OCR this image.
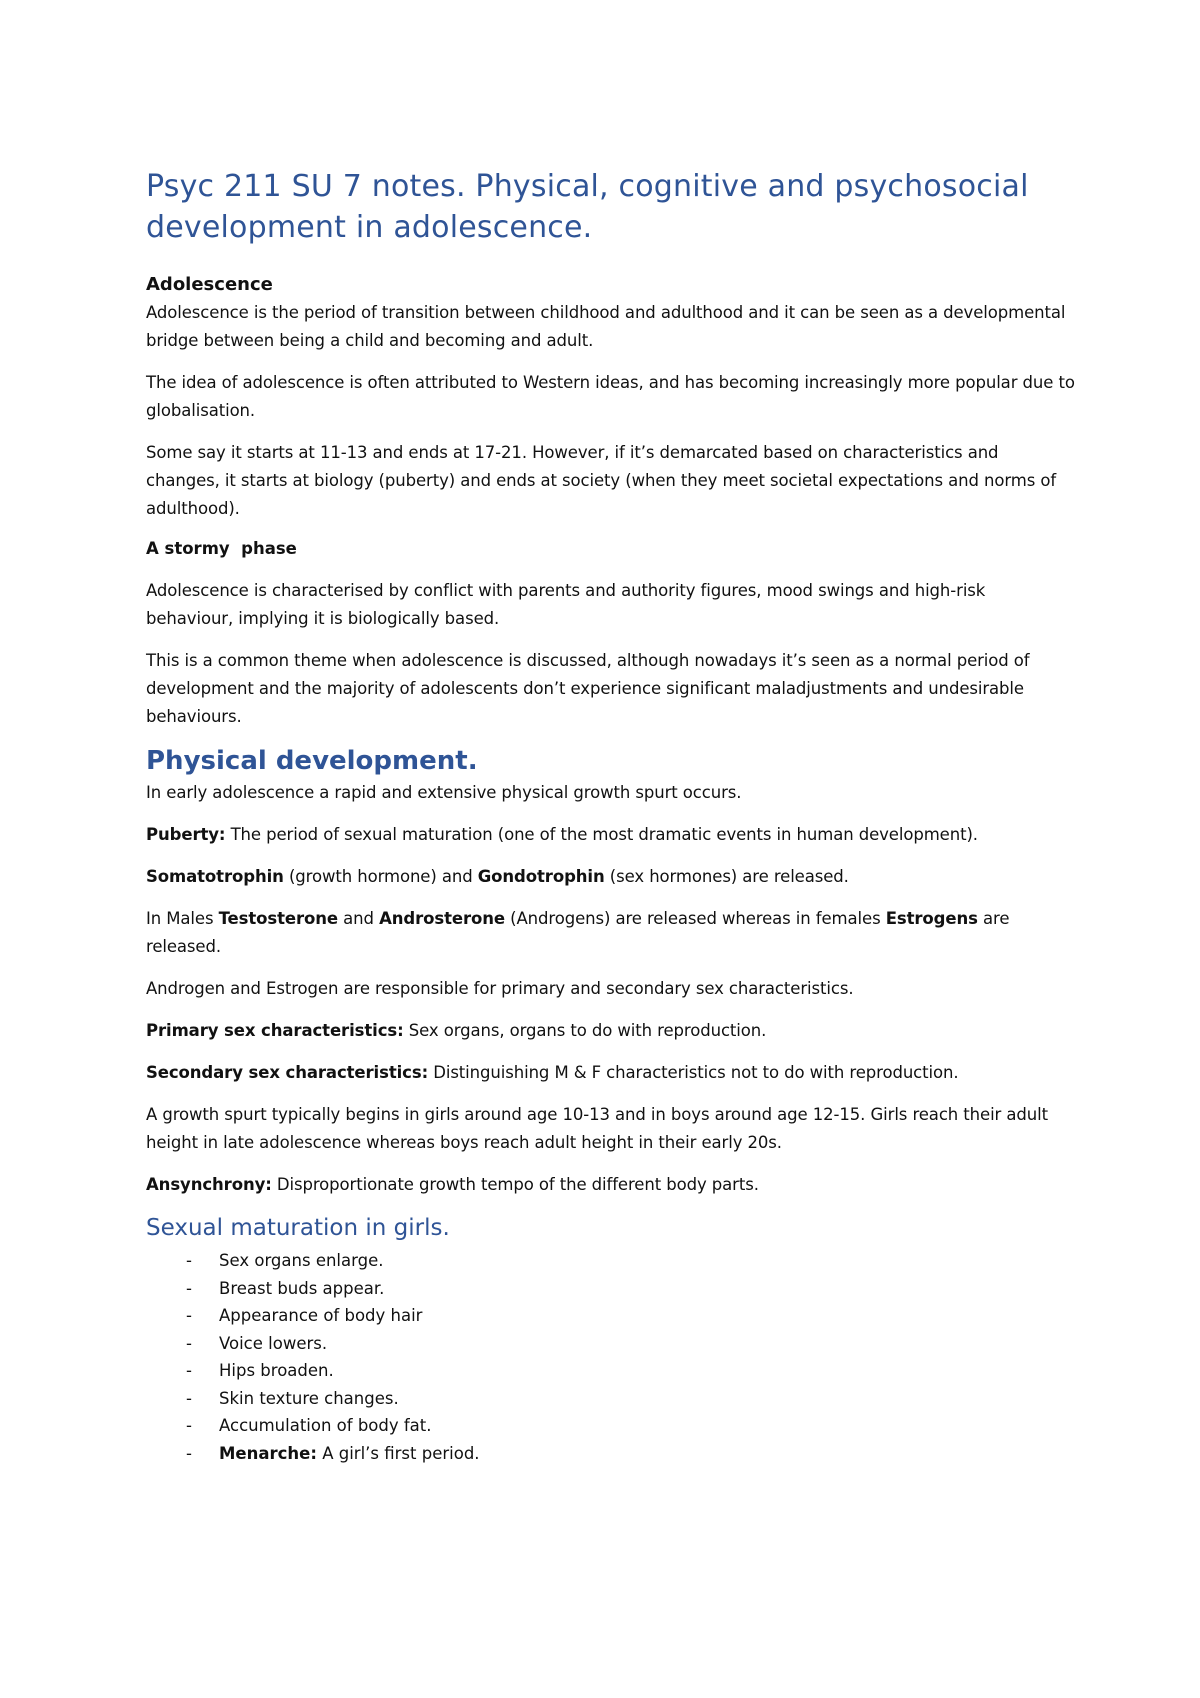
Psyc 211 SU 7 notes. Physical, cognitive and psychosocial development in adolescence.
Adolescence

Adolescence is the period of transition between childhood and adulthood and it can be seen as a developmental bridge between being a child and becoming and adult.

The idea of adolescence is often attributed to Western ideas, and has becoming increasingly more popular due to globalisation.

Some say it starts at 11-13 and ends at 17-21. However, if it’s demarcated based on characteristics and changes, it starts at biology (puberty) and ends at society (when they meet societal expectations and norms of adulthood).

A stormy  phase

Adolescence is characterised by conflict with parents and authority figures, mood swings and high-risk behaviour, implying it is biologically based.

This is a common theme when adolescence is discussed, although nowadays it’s seen as a normal period of development and the majority of adolescents don’t experience significant maladjustments and undesirable behaviours.

Physical development.

In early adolescence a rapid and extensive physical growth spurt occurs.

Puberty: The period of sexual maturation (one of the most dramatic events in human development).

Somatotrophin (growth hormone) and Gondotrophin (sex hormones) are released.

In Males Testosterone and Androsterone (Androgens) are released whereas in females Estrogens are released.

Androgen and Estrogen are responsible for primary and secondary sex characteristics.

Primary sex characteristics: Sex organs, organs to do with reproduction.

Secondary sex characteristics: Distinguishing M & F characteristics not to do with reproduction.

A growth spurt typically begins in girls around age 10-13 and in boys around age 12-15. Girls reach their adult height in late adolescence whereas boys reach adult height in their early 20s.

Ansynchrony: Disproportionate growth tempo of the different body parts.

Sexual maturation in girls.
- Sex organs enlarge.
- Breast buds appear.
- Appearance of body hair
- Voice lowers.
- Hips broaden.
- Skin texture changes.
- Accumulation of body fat.
- Menarche: A girl’s first period.
